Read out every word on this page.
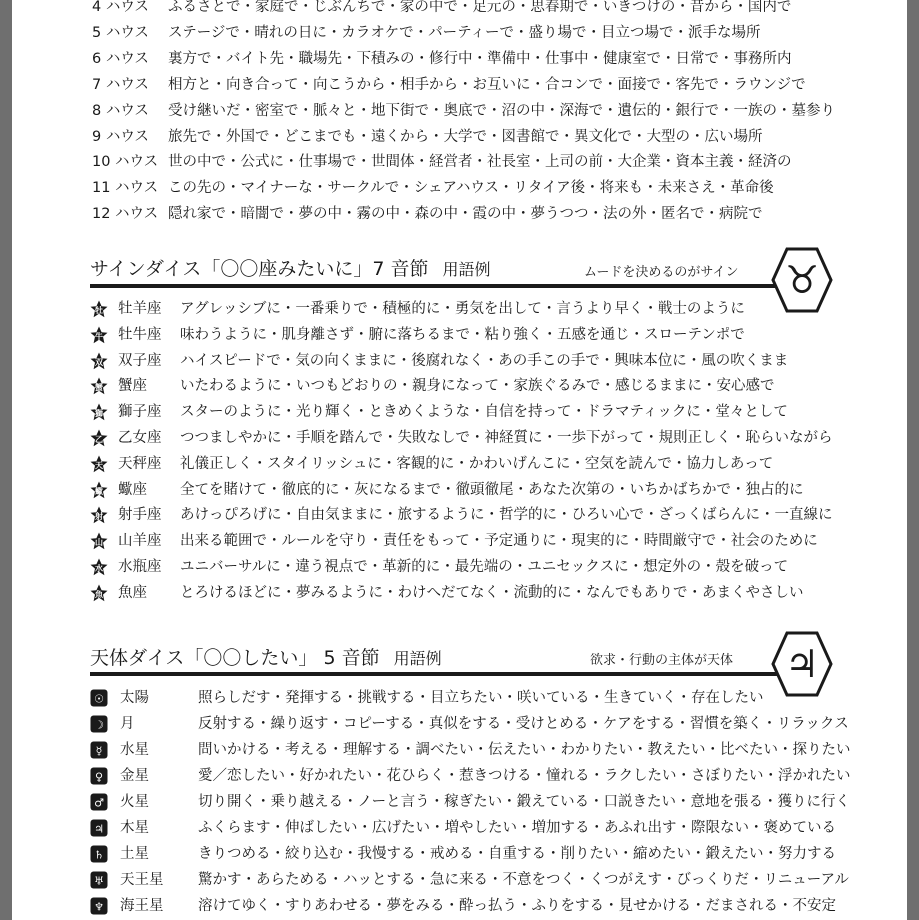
4 ハウス ふるさとで・家庭で・じぶんちで・家の中で・足元の・思春期で・いきつけの・昔から・国内で
5 ハウス ステージで・晴れの日に・カラオケで・パーティーで・盛り場で・目立つ場で・派手な場所
6 ハウス 裏方で・バイト先・職場先・下積みの・修行中・準備中・仕事中・健康室で・日常で・事務所内
7 ハウス 相方と・向き合って・向こうから・相手から・お互いに・合コンで・面接で・客先で・ラウンジで
8 ハウス 受け継いだ・密室で・脈々と・地下街で・奥底で・沼の中・深海で・遺伝的・銀行で・一族の・墓参り
9 ハウス 旅先で・外国で・どこまでも・遠くから・大学で・図書館で・異文化で・大型の・広い場所
10 ハウス 世の中で・公式に・仕事場で・世間体・経営者・社長室・上司の前・大企業・資本主義・経済の
11 ハウス この先の・マイナーな・サークルで・シェアハウス・リタイア後・将来も・未来さえ・革命後
12 ハウス 隠れ家で・暗闇で・夢の中・霧の中・森の中・霞の中・夢うつつ・法の外・匿名で・病院で
サインダイス「〇〇座みたいに」7 音節 用語例	ムードを決めるのがサイン ♉
牡 牡羊座 アグレッシブに・一番乗りで・積極的に・勇気を出して・言うより早く・戦士のように
牛 牡牛座 味わうように・肌身離さず・腑に落ちるまで・粘り強く・五感を通じ・スローテンポで
双 双子座 ハイスピードで・気の向くままに・後腐れなく・あの手この手で・興味本位に・風の吹くまま
蟹 蟹座 いたわるように・いつもどおりの・親身になって・家族ぐるみで・感じるままに・安心感で
獅 獅子座 スターのように・光り輝く・ときめくような・自信を持って・ドラマティックに・堂々として
乙 乙女座 つつましやかに・手順を踏んで・失敗なしで・神経質に・一歩下がって・規則正しく・恥らいながら
天 天秤座 礼儀正しく・スタイリッシュに・客観的に・かわいげんこに・空気を読んで・協力しあって
蠍 蠍座 全てを賭けて・徹底的に・灰になるまで・徹頭徹尾・あなた次第の・いちかばちかで・独占的に
射 射手座 あけっぴろげに・自由気ままに・旅するように・哲学的に・ひろい心で・ざっくばらんに・一直線に
山 山羊座 出来る範囲で・ルールを守り・責任をもって・予定通りに・現実的に・時間厳守で・社会のために
水 水瓶座 ユニバーサルに・違う視点で・革新的に・最先端の・ユニセックスに・想定外の・殻を破って
魚 魚座 とろけるほどに・夢みるように・わけへだてなく・流動的に・なんでもありで・あまくやさしい
天体ダイス「〇〇したい」 5 音節 用語例	欲求・行動の主体が天体 ♃
☉ 太陽	照らしだす・発揮する・挑戦する・目立ちたい・咲いている・生きていく・存在したい
☽ 月	反射する・繰り返す・コピーする・真似をする・受けとめる・ケアをする・習慣を築く・リラックス
☿ 水星	問いかける・考える・理解する・調べたい・伝えたい・わかりたい・教えたい・比べたい・探りたい
♀ 金星	愛／恋したい・好かれたい・花ひらく・惹きつける・憧れる・ラクしたい・さぼりたい・浮かれたい
♂ 火星	切り開く・乗り越える・ノーと言う・稼ぎたい・鍛えている・口説きたい・意地を張る・獲りに行く
♃ 木星	ふくらます・伸ばしたい・広げたい・増やしたい・増加する・あふれ出す・際限ない・褒めている
♄ 土星	きりつめる・絞り込む・我慢する・戒める・自重する・削りたい・縮めたい・鍛えたい・努力する
♅ 天王星 驚かす・あらためる・ハッとする・急に来る・不意をつく・くつがえす・びっくりだ・リニューアル
♆ 海王星 溶けてゆく・すりあわせる・夢をみる・酔っ払う・ふりをする・見せかける・だまされる・不安定
